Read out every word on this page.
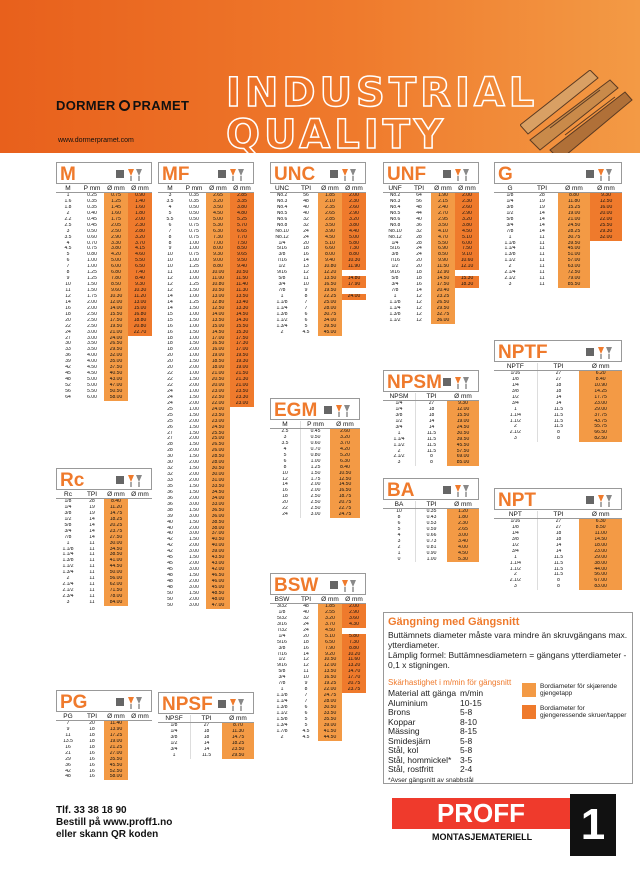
DORMER PRAMET INDUSTRIAL
QUALITY
www.dormerpramet.com
M
M	P mm	Ø mm Ø mm
1	0.25	0.75	0.90
1.6	0.35	1.25	1.40
1.8	0.35	1.45	1.60
2	0.40	1.60	1.80
2.2	0.45	1.75	2.00
2.5	0.45	2.05	2.30
3	0.50	2.50	2.80
3.5	0.60	2.90	3.20
4	0.70	3.30	3.70
4.5	0.75	3.80	4.15
5	0.80	4.20	4.60
6	1.00	5.00	5.50
7	1.00	6.00	6.50
8	1.25	6.80	7.40
9	1.25	7.80	8.40
10	1.50	8.50	9.30
11	1.50	9.60	10.30
12	1.75	10.30	11.20
14	2.00	12.00	13.00
16	2.00	14.00	15.00
18	2.50	15.50	16.80
20	2.50	17.50	18.80
22	2.50	19.50	20.80
24	3.00	21.00	22.70
27	3.00	24.00
30	3.50	26.50
33	3.50	29.50
36	4.00	32.00
39	4.00	35.00
42	4.50	37.50
45	4.50	40.50
48	5.00	43.00
52	5.00	47.00
56	5.50	50.50
64	6.00	58.00
MF
M	P mm	Ø mm Ø mm
3	0.35	2.65	2.85
3.5	0.35	3.20	3.35
4	0.50	3.50	3.80
5	0.50	4.50	4.80
5.5	0.50	5.00	5.25
6	0.75	5.30	5.70
7	0.75	6.30	6.65
8	0.75	7.30	7.70
8	1.00	7.00	7.50
9	1.00	8.00	8.50
10	0.75	9.30	9.65
10	1.00	9.00	9.50
10	1.25	8.80	9.40
11	1.00	10.00	10.50
12	1.00	11.00	11.50
12	1.25	10.80	11.40
12	1.50	10.50	11.30
14	1.00	13.00	13.50
14	1.25	12.80	13.40
14	1.50	12.50	13.30
15	1.00	14.00	14.50
15	1.50	13.50	14.30
16	1.00	15.00	15.50
16	1.50	14.50	15.30
18	1.00	17.00	17.50
18	1.50	16.50	17.30
18	2.00	16.00	17.00
20	1.00	19.00	19.50
20	1.50	18.50	19.30
20	2.00	18.00	19.00
22	1.00	21.00	21.50
22	1.50	20.50	21.30
22	2.00	20.00	21.00
24	1.00	23.00	23.50
24	1.50	22.50	23.30
24	2.00	22.00	23.00
25	1.00	24.00
25	1.50	23.50
25	2.00	23.00
26	1.50	24.50
27	1.50	25.50
27	2.00	25.00
28	1.50	26.50
28	2.00	26.00
30	1.50	28.50
30	2.00	28.00
32	1.50	30.50
32	2.00	30.00
33	2.00	31.00
35	1.50	33.50
36	1.50	34.50
36	2.00	34.00
36	3.00	33.00
38	1.50	36.50
39	3.00	36.00
40	1.50	38.50
40	2.00	38.00
40	3.00	37.00
42	1.50	40.50
42	2.00	40.00
42	3.00	39.00
45	1.50	43.50
45	2.00	43.00
45	3.00	42.00
48	1.50	46.50
48	2.00	46.00
48	3.00	45.00
50	1.50	48.50
50	2.00	48.00
50	3.00	47.00
UNC
UNC	TPI	Ø mm Ø mm
No.2	56	1.85	2.00
No.3	48	2.10	2.30
No.4	40	2.35	2.60
No.5	40	2.65	2.90
No.6	32	2.85	3.20
No.8	32	3.50	3.80
No.10	24	3.90	4.40
No.12	24	4.50	5.00
1/4	20	5.10	5.80
5/16	18	6.60	7.30
3/8	16	8.00	8.80
7/16	14	9.40	10.30
1/2	13	10.80	11.90
9/16	12	12.20
5/8	11	13.50	14.80
3/4	10	16.50	17.90
7/8	9	19.50
1	8	22.25	24.00
1.1/8	7	25.00
1.1/4	7	28.00
1.3/8	6	30.75
1.1/2	6	34.00
1.3/4	5	39.50
2	4.5	45.00
UNF
UNF	TPI	Ø mm Ø mm
No.2	64	1.90	2.00
No.3	56	2.15	2.30
No.4	48	2.40	2.60
No.5	44	2.70	2.90
No.6	40	2.95	3.20
No.8	36	3.50	3.80
No.10	32	4.10	4.50
No.12	28	4.70	5.10
1/4	28	5.50	6.00
5/16	24	6.90	7.50
3/8	24	8.50	9.10
7/16	20	9.90	10.60
1/2	20	11.50	12.10
9/16	18	12.90
5/8	18	14.50	15.30
3/4	16	17.50	18.30
7/8	14	20.40
1	12	23.25
1.1/8	12	26.50
1.1/4	12	29.50
1.3/8	12	32.75
1.1/2	12	36.00
G
G	TPI	Ø mm	Ø mm
1/8	28	8.80	9.30
1/4	19	11.80	12.50
3/8	19	15.25	16.00
1/2	14	19.00	20.00
5/8	14	21.00	22.00
3/4	14	24.50	25.50
7/8	14	28.25	29.30
1	11	30.75	32.00
1.1/8	11	39.50
1.1/4	11	45.00
1.3/8	11	51.00
1.1/2	11	57.00
2	11	63.00
2.1/4	11	72.50
2.1/2	11	79.00
3	11	85.50
NPTF
NPTF	TPI	Ø mm
1/16	27	6.20
1/8	27	8.40
1/4	18	10.90
3/8	18	14.25
1/2	14	17.75
3/4	14	23.00
1	11.5	29.00
1.1/4	11.5	37.75
1.1/2	11.5	43.75
2	11.5	55.75
2.1/2	8	66.50
3	8	82.50
NPSM
NPSM	TPI	Ø mm
1/4	27	9.30
1/4	18	12.00
3/8	18	15.50
1/2	14	19.00
3/4	14	24.50
1	11.5	30.50
1.1/4	11.5	39.50
1.1/2	11.5	45.50
2	11.5	57.50
2.1/2	8	69.00
3	8	85.00
NPT
NPT	TPI	Ø mm
1/16	27	6.30
1/8	27	8.50
1/4	18	11.00
3/8	18	14.50
1/2	14	18.00
3/4	14	23.00
1	11.5	29.00
1.1/4	11.5	38.00
1.1/2	11.5	44.00
2	11.5	56.00
2.1/2	8	67.00
3	8	83.00
EGM
M	P mm	Ø mm
2.5	0.45	2.60
3	0.50	3.20
3.5	0.60	3.70
4	0.70	4.20
5	0.80	5.20
6	1.00	6.30
8	1.25	8.40
10	1.50	10.50
12	1.75	12.50
14	2.00	14.50
16	2.00	16.50
18	2.50	18.75
20	2.50	20.75
22	2.50	22.75
24	3.00	24.75
BA
BA	TPI	Ø mm
10	0.35	1.20
8	0.43	1.80
6	0.53	2.30
5	0.59	2.65
4	0.66	3.00
3	0.73	3.40
2	0.81	4.00
1	0.90	4.50
0	1.00	5.30
BSW
BSW	TPI	Ø mm Ø mm
3/32	48	1.85	2.00
1/8	40	2.55	2.90
5/32	32	3.20	3.60
3/16	24	3.70	4.30
7/32	24	4.50
1/4	20	5.10	5.80
5/16	18	6.50	7.30
3/8	16	7.90	8.80
7/16	14	9.20	10.20
1/2	12	10.50	11.60
9/16	12	12.00	13.20
5/8	11	13.50	14.70
3/4	10	16.50	17.70
7/8	9	19.25	20.75
1	8	22.00	23.75
1.1/8	7	24.75
1.1/4	7	28.00
1.3/8	6	30.50
1.1/2	6	33.50
1.5/8	5	35.50
1.3/4	5	39.00
1.7/8	4.5	41.50
2	4.5	44.50
Rc
Rc	TPI	Ø mm Ø mm
1/8	28	8.40
1/4	19	11.20
3/8	19	14.75
1/2	14	18.25
5/8	14	20.25
3/4	14	23.75
7/8	14	27.50
1	11	30.00
1.1/8	11	34.50
1.1/4	11	38.50
1.3/8	11	41.00
1.1/2	11	44.50
1.3/4	11	50.00
2	11	56.00
2.1/4	11	62.00
2.1/2	11	71.50
2.3/4	11	78.00
3	11	84.00
PG
PG	TPI	Ø mm Ø mm
7	20	11.40
9	18	13.90
11	18	17.25
13.5	18	19.00
16	18	21.25
21	16	27.00
29	16	35.50
36	16	45.50
42	16	52.50
48	16	58.00
NPSF
NPSF	TPI	Ø mm
1/8	27	8.70
1/4	18	11.30
3/8	18	14.75
1/2	14	18.25
3/4	14	23.50
1	11.5	29.50
Gängning med Gängsnitt
Buttämnets diameter måste vara mindre än skruvgängans max. ytterdiameter.
Lämplig formel: Buttämnesdiametern = gängans ytterdiameter - 0,1 x stigningen.
Skärhastighet i m/min för gängsnitt
Material att gänga m/min
Aluminium	10-15
Brons	5-8
Koppar	8-10
Mässing	8-15
Smidesjärn	5-8
Stål, kol	5-8
Stål, hommickel*	3-5
Stål, rostfritt	2-4
*Avser gängsnitt av snabbstål
Bordiameter för skjærende gjengetapp
Bordiameter for gjengeressende skruer/tapper
Tlf. 33 38 18 90
Bestill på www.proff1.no
eller skann QR koden
PROFF	1
MONTASJEMATERIELL
